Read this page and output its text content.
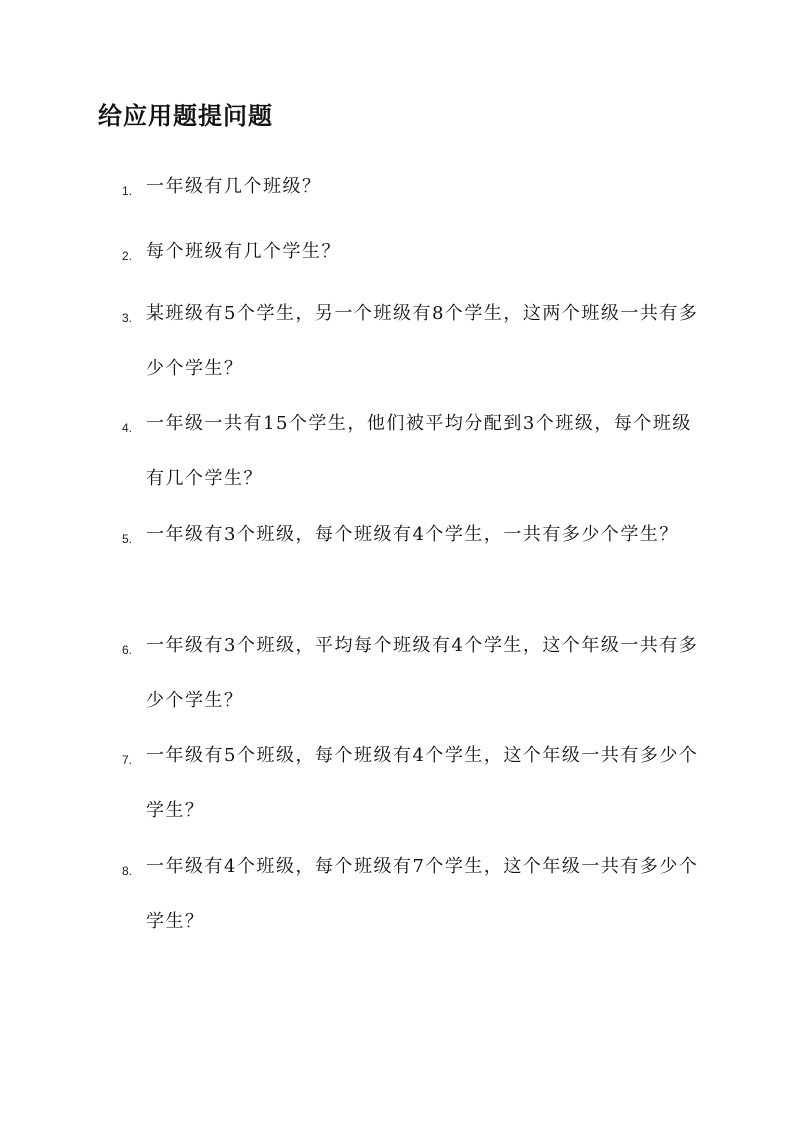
给应用题提问题
1. 一年级有几个班级？
2. 每个班级有几个学生？
3. 某班级有5个学生，另一个班级有8个学生，这两个班级一共有多少个学生？
4. 一年级一共有15个学生，他们被平均分配到3个班级，每个班级有几个学生？
5. 一年级有3个班级，每个班级有4个学生，一共有多少个学生？
6. 一年级有3个班级，平均每个班级有4个学生，这个年级一共有多少个学生？
7. 一年级有5个班级，每个班级有4个学生，这个年级一共有多少个学生？
8. 一年级有4个班级，每个班级有7个学生，这个年级一共有多少个学生？
